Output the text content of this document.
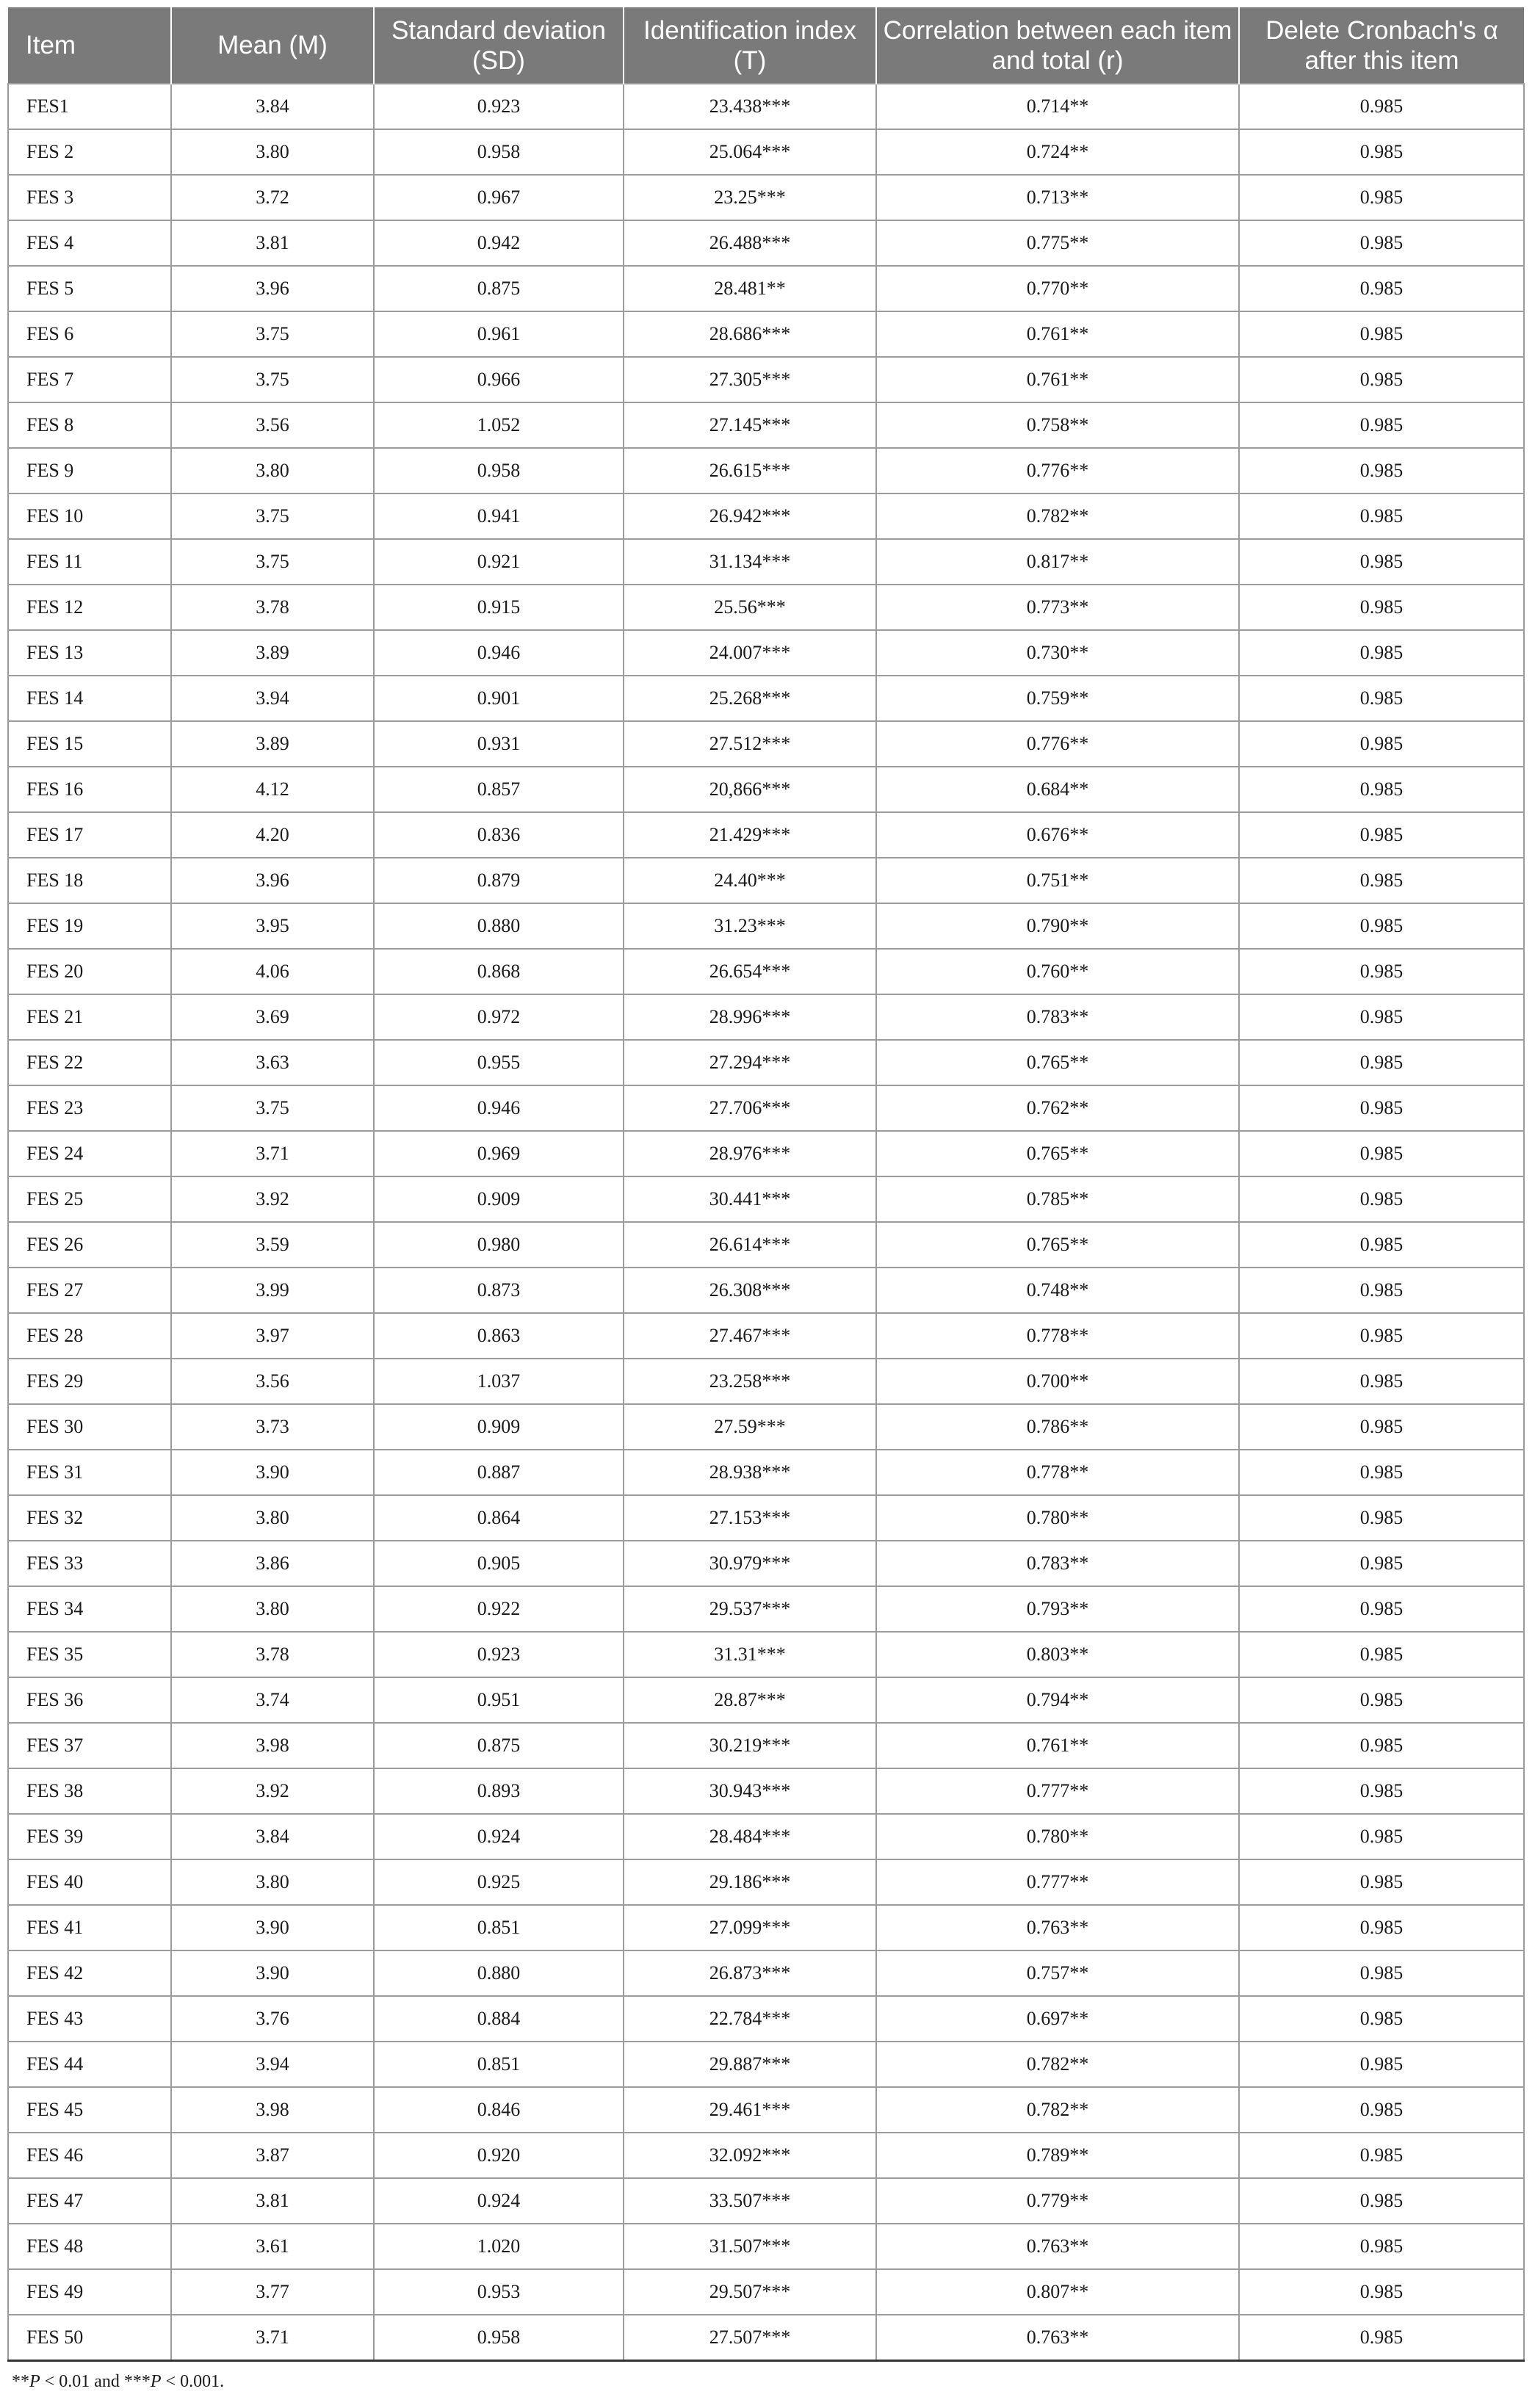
Item	Mean (M)	Standard deviation (SD)	Identification index (T)	Correlation between each item and total (r)	Delete Cronbach's α after this item
FES1	3.84	0.923	23.438***	0.714**	0.985
FES 2	3.80	0.958	25.064***	0.724**	0.985
FES 3	3.72	0.967	23.25***	0.713**	0.985
FES 4	3.81	0.942	26.488***	0.775**	0.985
FES 5	3.96	0.875	28.481**	0.770**	0.985
FES 6	3.75	0.961	28.686***	0.761**	0.985
FES 7	3.75	0.966	27.305***	0.761**	0.985
FES 8	3.56	1.052	27.145***	0.758**	0.985
FES 9	3.80	0.958	26.615***	0.776**	0.985
FES 10	3.75	0.941	26.942***	0.782**	0.985
FES 11	3.75	0.921	31.134***	0.817**	0.985
FES 12	3.78	0.915	25.56***	0.773**	0.985
FES 13	3.89	0.946	24.007***	0.730**	0.985
FES 14	3.94	0.901	25.268***	0.759**	0.985
FES 15	3.89	0.931	27.512***	0.776**	0.985
FES 16	4.12	0.857	20,866***	0.684**	0.985
FES 17	4.20	0.836	21.429***	0.676**	0.985
FES 18	3.96	0.879	24.40***	0.751**	0.985
FES 19	3.95	0.880	31.23***	0.790**	0.985
FES 20	4.06	0.868	26.654***	0.760**	0.985
FES 21	3.69	0.972	28.996***	0.783**	0.985
FES 22	3.63	0.955	27.294***	0.765**	0.985
FES 23	3.75	0.946	27.706***	0.762**	0.985
FES 24	3.71	0.969	28.976***	0.765**	0.985
FES 25	3.92	0.909	30.441***	0.785**	0.985
FES 26	3.59	0.980	26.614***	0.765**	0.985
FES 27	3.99	0.873	26.308***	0.748**	0.985
FES 28	3.97	0.863	27.467***	0.778**	0.985
FES 29	3.56	1.037	23.258***	0.700**	0.985
FES 30	3.73	0.909	27.59***	0.786**	0.985
FES 31	3.90	0.887	28.938***	0.778**	0.985
FES 32	3.80	0.864	27.153***	0.780**	0.985
FES 33	3.86	0.905	30.979***	0.783**	0.985
FES 34	3.80	0.922	29.537***	0.793**	0.985
FES 35	3.78	0.923	31.31***	0.803**	0.985
FES 36	3.74	0.951	28.87***	0.794**	0.985
FES 37	3.98	0.875	30.219***	0.761**	0.985
FES 38	3.92	0.893	30.943***	0.777**	0.985
FES 39	3.84	0.924	28.484***	0.780**	0.985
FES 40	3.80	0.925	29.186***	0.777**	0.985
FES 41	3.90	0.851	27.099***	0.763**	0.985
FES 42	3.90	0.880	26.873***	0.757**	0.985
FES 43	3.76	0.884	22.784***	0.697**	0.985
FES 44	3.94	0.851	29.887***	0.782**	0.985
FES 45	3.98	0.846	29.461***	0.782**	0.985
FES 46	3.87	0.920	32.092***	0.789**	0.985
FES 47	3.81	0.924	33.507***	0.779**	0.985
FES 48	3.61	1.020	31.507***	0.763**	0.985
FES 49	3.77	0.953	29.507***	0.807**	0.985
FES 50	3.71	0.958	27.507***	0.763**	0.985
**P < 0.01 and ***P < 0.001.
